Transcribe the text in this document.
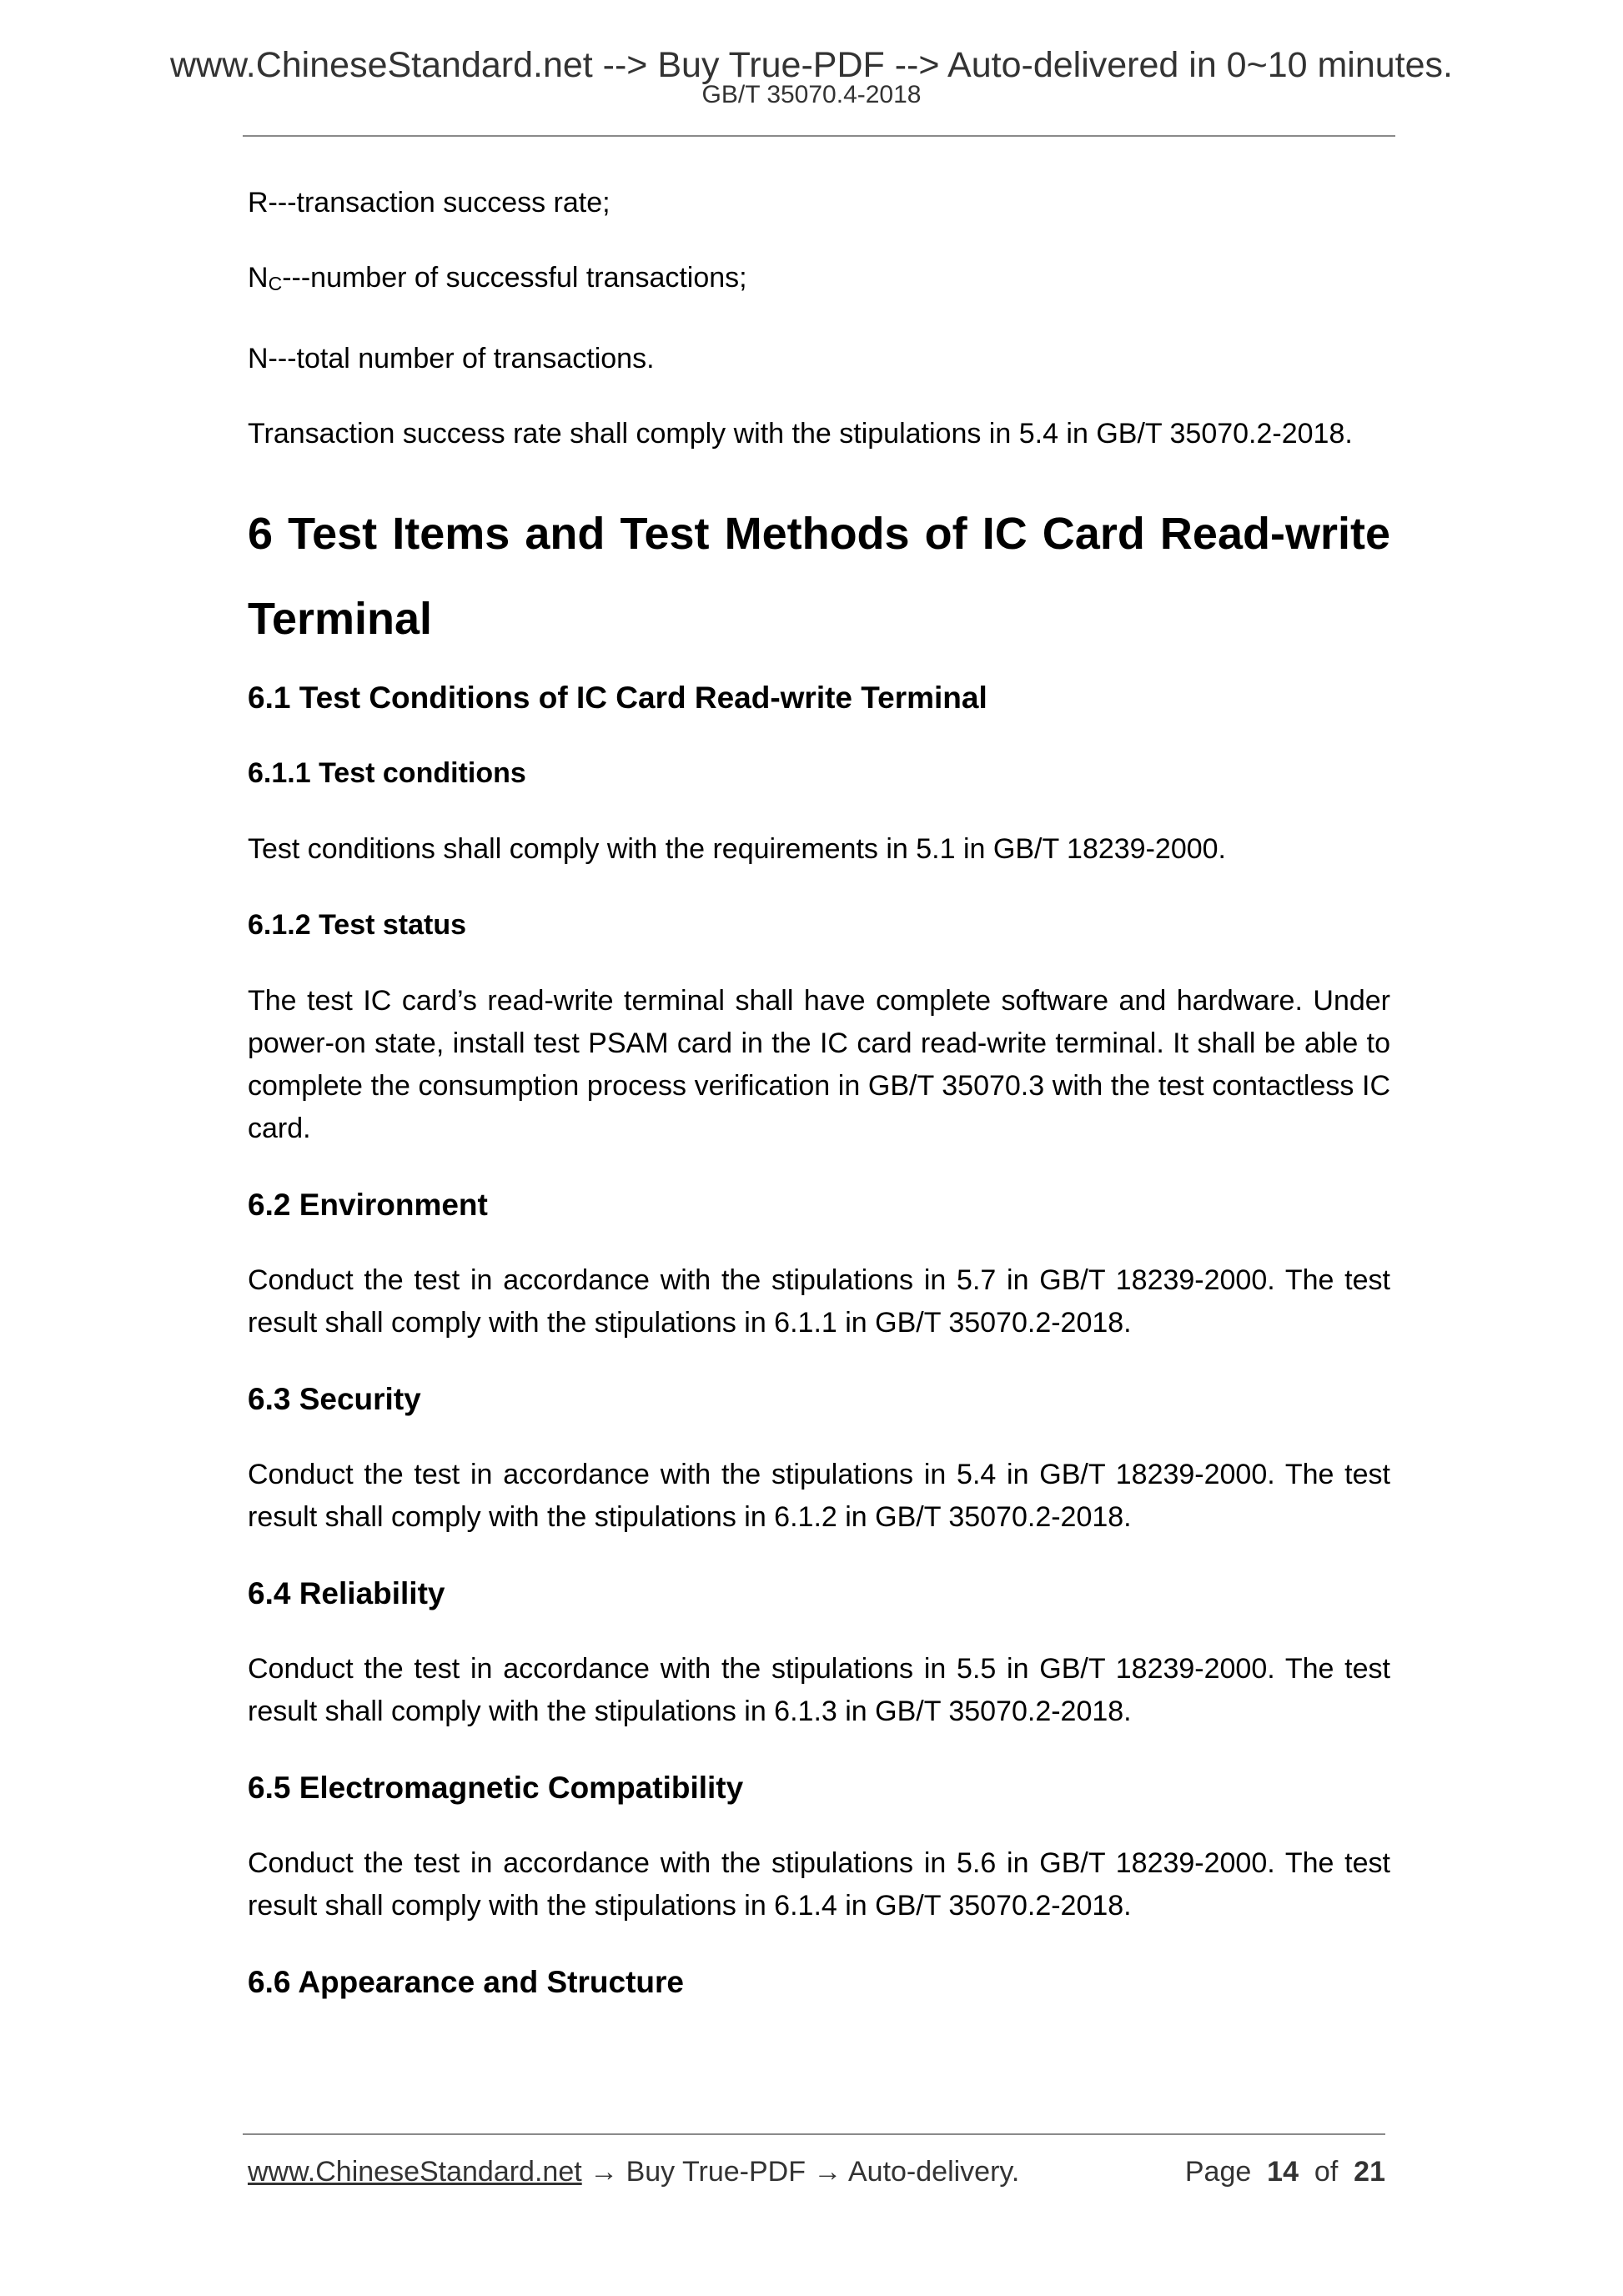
www.ChineseStandard.net --> Buy True-PDF --> Auto-delivered in 0~10 minutes.
GB/T 35070.4-2018

R---transaction success rate;

NC---number of successful transactions;

N---total number of transactions.

Transaction success rate shall comply with the stipulations in 5.4 in GB/T 35070.2-2018.

6 Test Items and Test Methods of IC Card Read-write Terminal
6.1 Test Conditions of IC Card Read-write Terminal
6.1.1 Test conditions

Test conditions shall comply with the requirements in 5.1 in GB/T 18239-2000.

6.1.2 Test status

The test IC card’s read-write terminal shall have complete software and hardware. Under power-on state, install test PSAM card in the IC card read-write terminal. It shall be able to complete the consumption process verification in GB/T 35070.3 with the test contactless IC card.

6.2 Environment

Conduct the test in accordance with the stipulations in 5.7 in GB/T 18239-2000. The test result shall comply with the stipulations in 6.1.1 in GB/T 35070.2-2018.

6.3 Security

Conduct the test in accordance with the stipulations in 5.4 in GB/T 18239-2000. The test result shall comply with the stipulations in 6.1.2 in GB/T 35070.2-2018.

6.4 Reliability

Conduct the test in accordance with the stipulations in 5.5 in GB/T 18239-2000. The test result shall comply with the stipulations in 6.1.3 in GB/T 35070.2-2018.

6.5 Electromagnetic Compatibility

Conduct the test in accordance with the stipulations in 5.6 in GB/T 18239-2000. The test result shall comply with the stipulations in 6.1.4 in GB/T 35070.2-2018.

6.6 Appearance and Structure
www.ChineseStandard.net → Buy True-PDF → Auto-delivery.	Page 14 of 21
